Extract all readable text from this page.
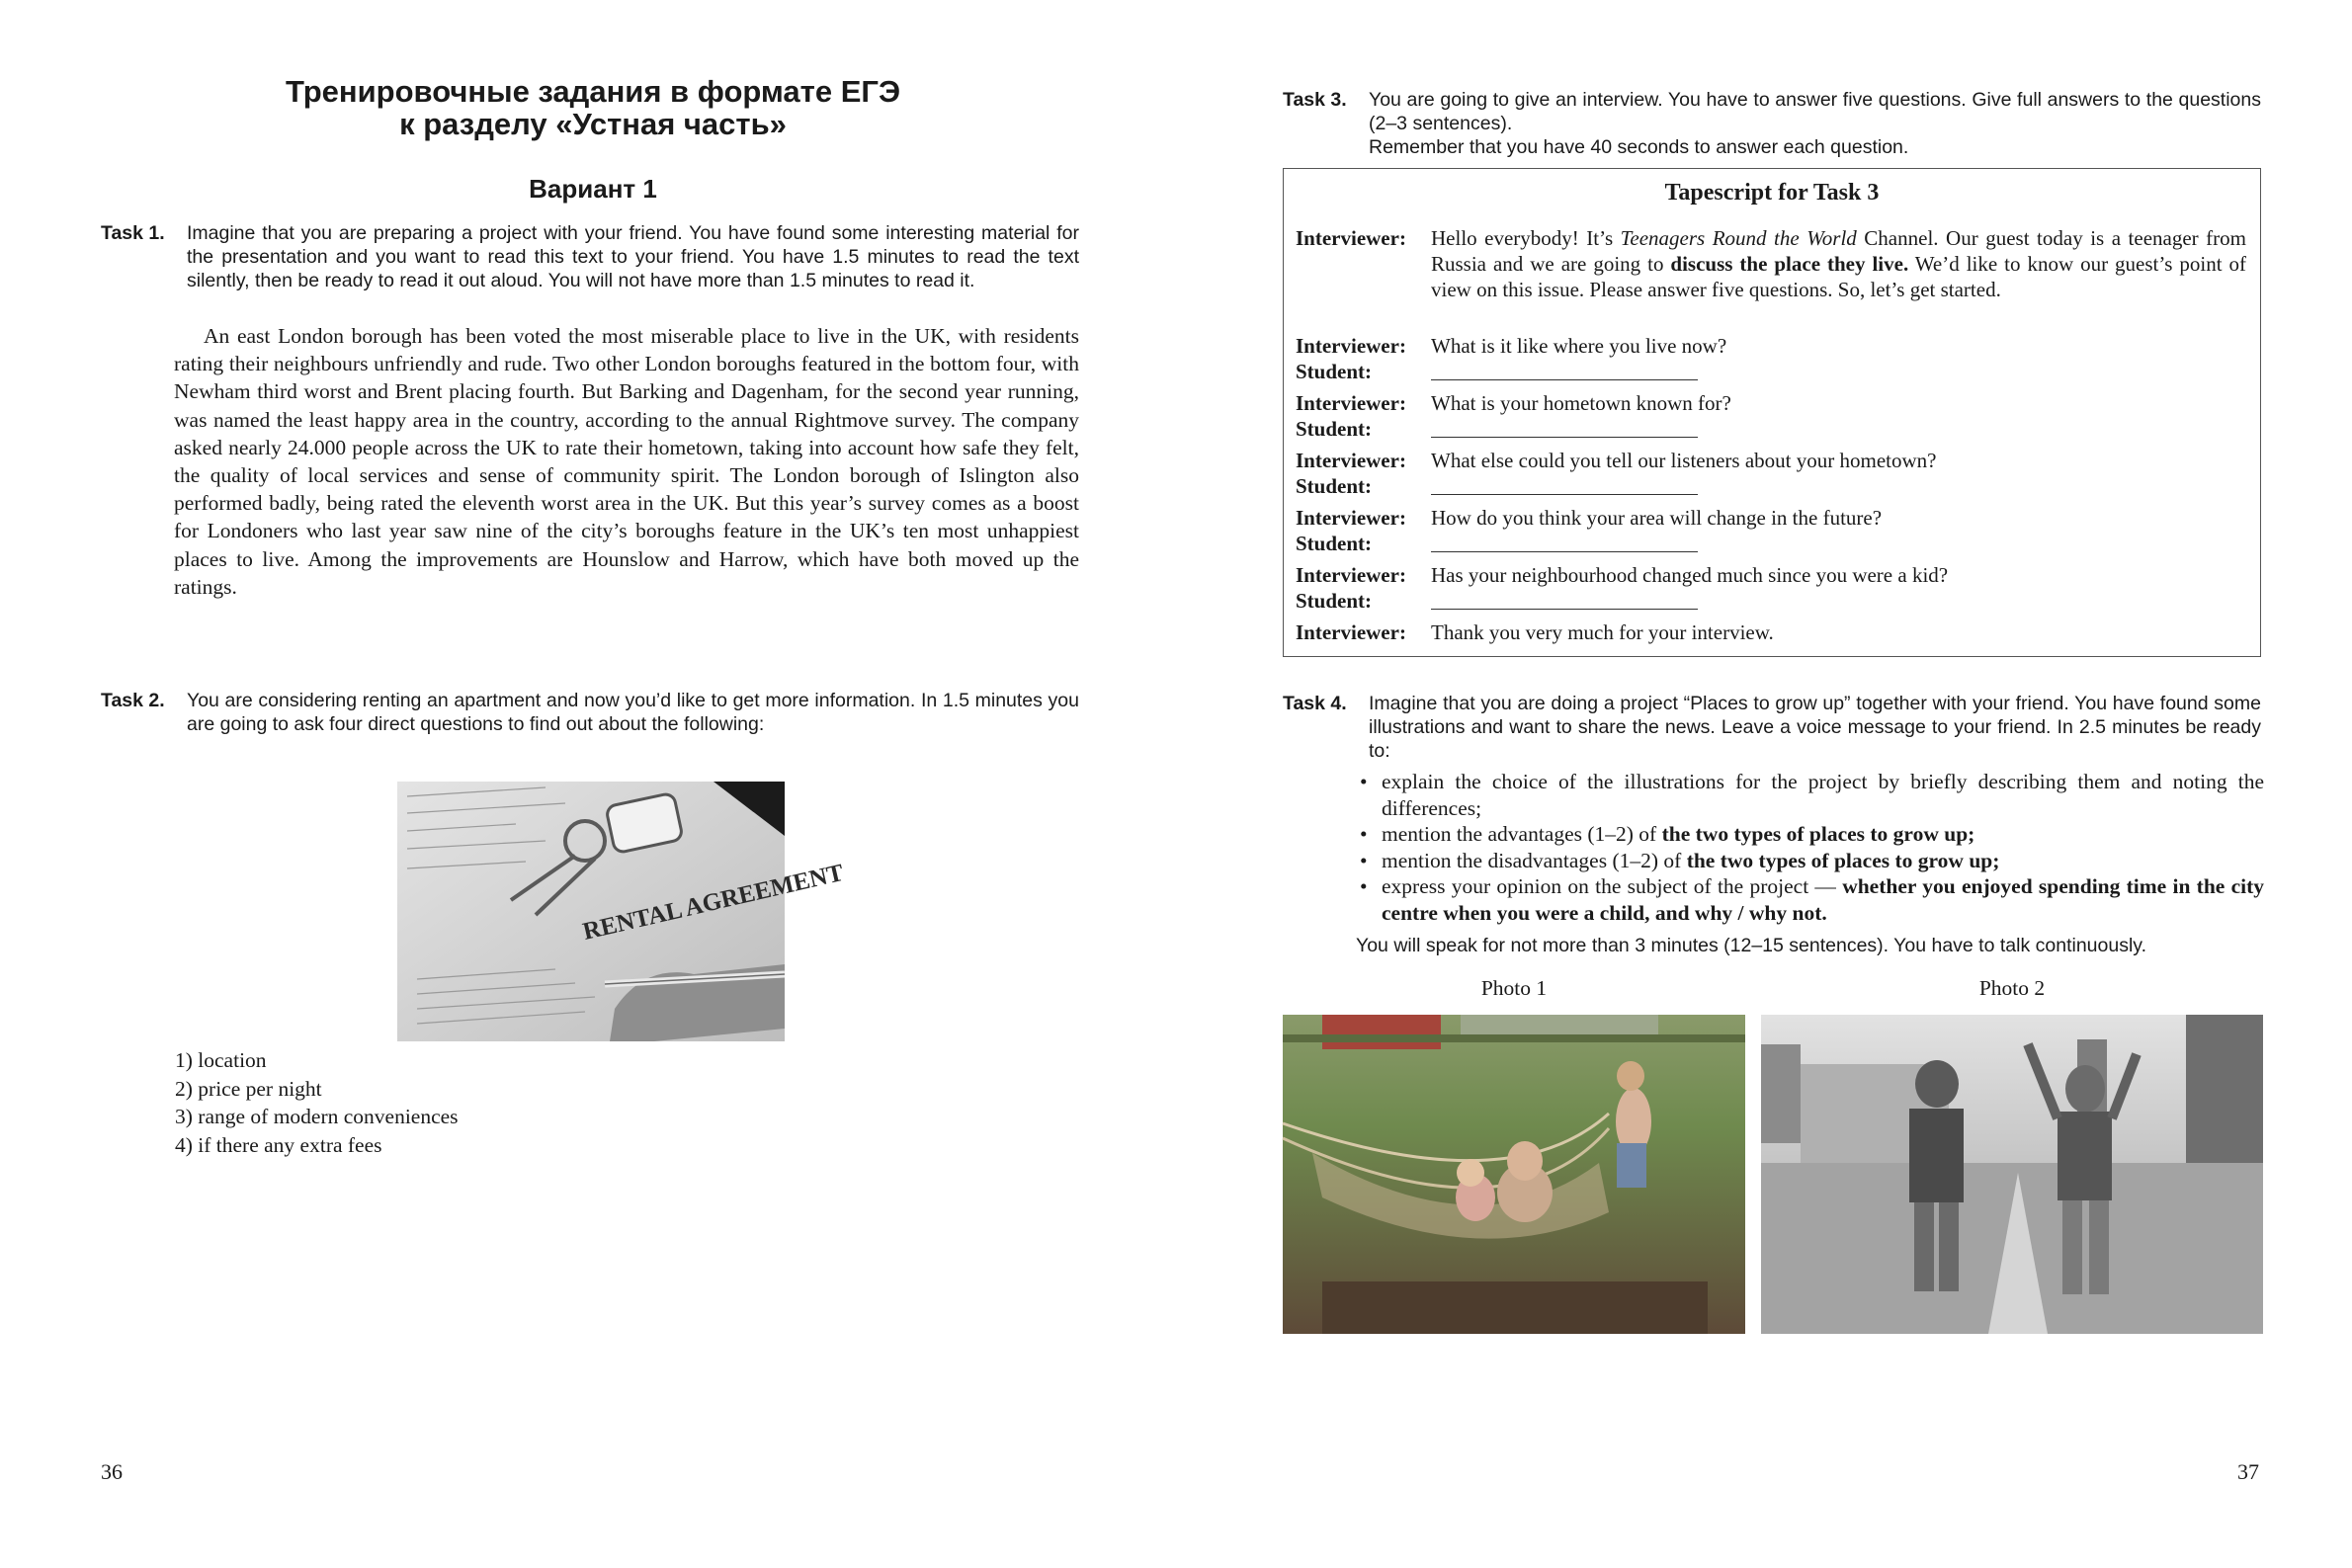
Тренировочные задания в формате ЕГЭ
к разделу «Устная часть»
Вариант 1
Task 1. Imagine that you are preparing a project with your friend. You have found some interesting material for the presentation and you want to read this text to your friend. You have 1.5 minutes to read the text silently, then be ready to read it out aloud. You will not have more than 1.5 minutes to read it.
An east London borough has been voted the most miserable place to live in the UK, with residents rating their neighbours unfriendly and rude. Two other London boroughs featured in the bottom four, with Newham third worst and Brent placing fourth. But Barking and Dagenham, for the second year running, was named the least happy area in the country, according to the annual Rightmove survey. The company asked nearly 24.000 people across the UK to rate their hometown, taking into account how safe they felt, the quality of local services and sense of community spirit. The London borough of Islington also performed badly, being rated the eleventh worst area in the UK. But this year’s survey comes as a boost for Londoners who last year saw nine of the city’s boroughs feature in the UK’s ten most unhappiest places to live. Among the improvements are Hounslow and Harrow, which have both moved up the ratings.
Task 2. You are considering renting an apartment and now you’d like to get more information. In 1.5 minutes you are going to ask four direct questions to find out about the following:
RENTAL AGREEMENT
1) location
2) price per night
3) range of modern conveniences
4) if there any extra fees
36
Task 3. You are going to give an interview. You have to answer five questions. Give full answers to the questions (2–3 sentences).
Remember that you have 40 seconds to answer each question.
Tapescript for Task 3
Interviewer: Hello everybody! It’s Teenagers Round the World Channel. Our guest today is a teenager from Russia and we are going to discuss the place they live. We’d like to know our guest’s point of view on this issue. Please answer five questions. So, let’s get started.
Interviewer: What is it like where you live now?
Student:
Interviewer: What is your hometown known for?
Student:
Interviewer: What else could you tell our listeners about your hometown?
Student:
Interviewer: How do you think your area will change in the future?
Student:
Interviewer: Has your neighbourhood changed much since you were a kid?
Student:
Interviewer: Thank you very much for your interview.
Task 4. Imagine that you are doing a project “Places to grow up” together with your friend. You have found some illustrations and want to share the news. Leave a voice message to your friend. In 2.5 minutes be ready to:
• explain the choice of the illustrations for the project by briefly describing them and noting the differences;
• mention the advantages (1–2) of the two types of places to grow up;
• mention the disadvantages (1–2) of the two types of places to grow up;
• express your opinion on the subject of the project — whether you enjoyed spending time in the city centre when you were a child, and why / why not.
You will speak for not more than 3 minutes (12–15 sentences). You have to talk continuously.
Photo 1	Photo 2
37
